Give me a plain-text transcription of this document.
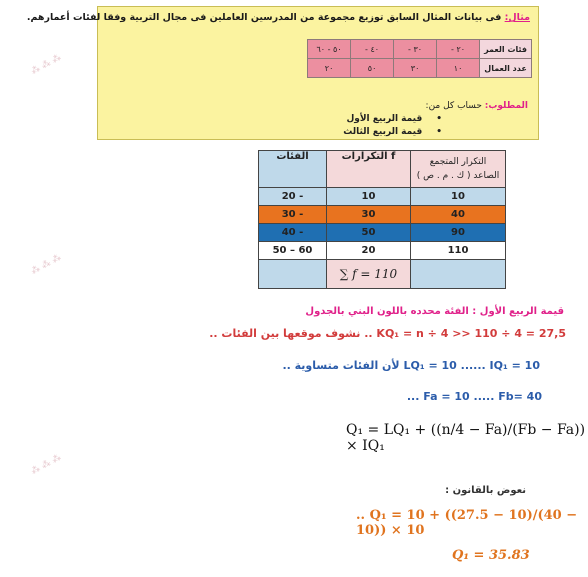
⁂ ⁂ ⁂
⁂ ⁂ ⁂
⁂ ⁂ ⁂
مثال: فى بيانات المثال السابق توزيع مجموعة من المدرسين العاملين فى مجال التربية وفقا لفئات أعمارهم.
فئات العمر	٢٠ -	٣٠ -	٤٠ -	٥٠ - ٦٠
عدد العمال	١٠	٣٠	٥٠	٢٠
المطلوب: حساب كل من:
• قيمة الربيع الأول
• قيمة الربيع الثالث
الفئات	التكرارات f	التكرار المتجمع
الصاعد ( ك . م . ص )

20 -	10	10
30 -	30	40
40 -	50	90
50 – 60	20	110
	∑ f = 110	
قيمة الربيع الأول : الفئة محدده باللون البني بالجدول
27,5 = 4 ÷ 110 << KQ₁ = n ÷ 4 .. نشوف موقعها بين الفئات ..
LQ₁ = 10 ...... IQ₁ = 10 لأن الفئات متساوية ..
Fa = 10 ..... Fb= 40 ...
Q₁ = LQ₁ + ((n/4 − Fa)/(Fb − Fa)) × IQ₁
نعوض بالقانون :
.. Q₁ = 10 + ((27.5 − 10)/(40 − 10)) × 10
Q₁ = 35.83
